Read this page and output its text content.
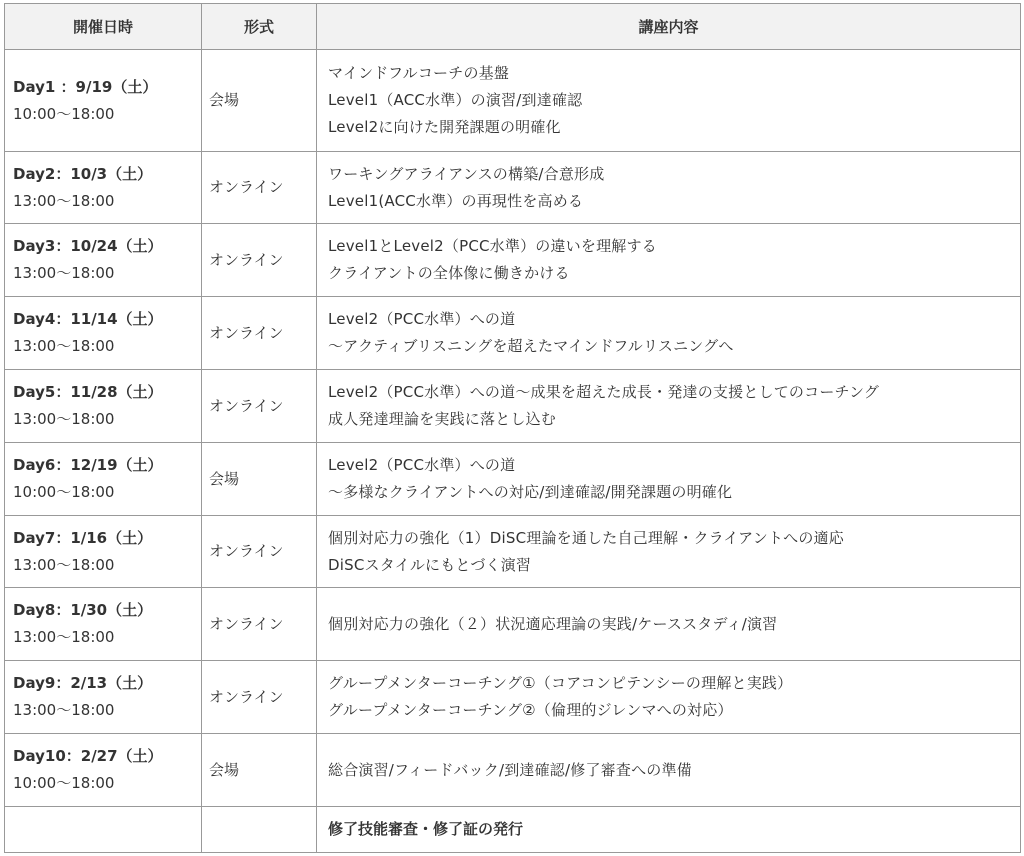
開催日時	形式	講座内容

Day1 ：9/19（土）
10:00〜18:00	会場	マインドフルコーチの基盤
Level1（ACC水準）の演習/到達確認
Level2に向けた開発課題の明確化

Day2：10/3（土）
13:00〜18:00	オンライン	ワーキングアライアンスの構築/合意形成
Level1(ACC水準）の再現性を高める

Day3：10/24（土）
13:00〜18:00	オンライン	Level1とLevel2（PCC水準）の違いを理解する
クライアントの全体像に働きかける

Day4：11/14（土）
13:00〜18:00	オンライン	Level2（PCC水準）への道
〜アクティブリスニングを超えたマインドフルリスニングへ

Day5：11/28（土）
13:00〜18:00	オンライン	Level2（PCC水準）への道〜成果を超えた成長・発達の支援としてのコーチング
成人発達理論を実践に落とし込む

Day6：12/19（土）
10:00〜18:00	会場	Level2（PCC水準）への道
〜多様なクライアントへの対応/到達確認/開発課題の明確化

Day7：1/16（土）
13:00〜18:00	オンライン	個別対応力の強化（1）DiSC理論を通した自己理解・クライアントへの適応
DiSCスタイルにもとづく演習

Day8：1/30（土）
13:00〜18:00	オンライン	個別対応力の強化（２）状況適応理論の実践/ケーススタディ/演習

Day9：2/13（土）
13:00〜18:00	オンライン	グループメンターコーチング①（コアコンピテンシーの理解と実践）
グループメンターコーチング②（倫理的ジレンマへの対応）

Day10：2/27（土）
10:00〜18:00	会場	総合演習/フィードバック/到達確認/修了審査への準備

		修了技能審査・修了証の発行
